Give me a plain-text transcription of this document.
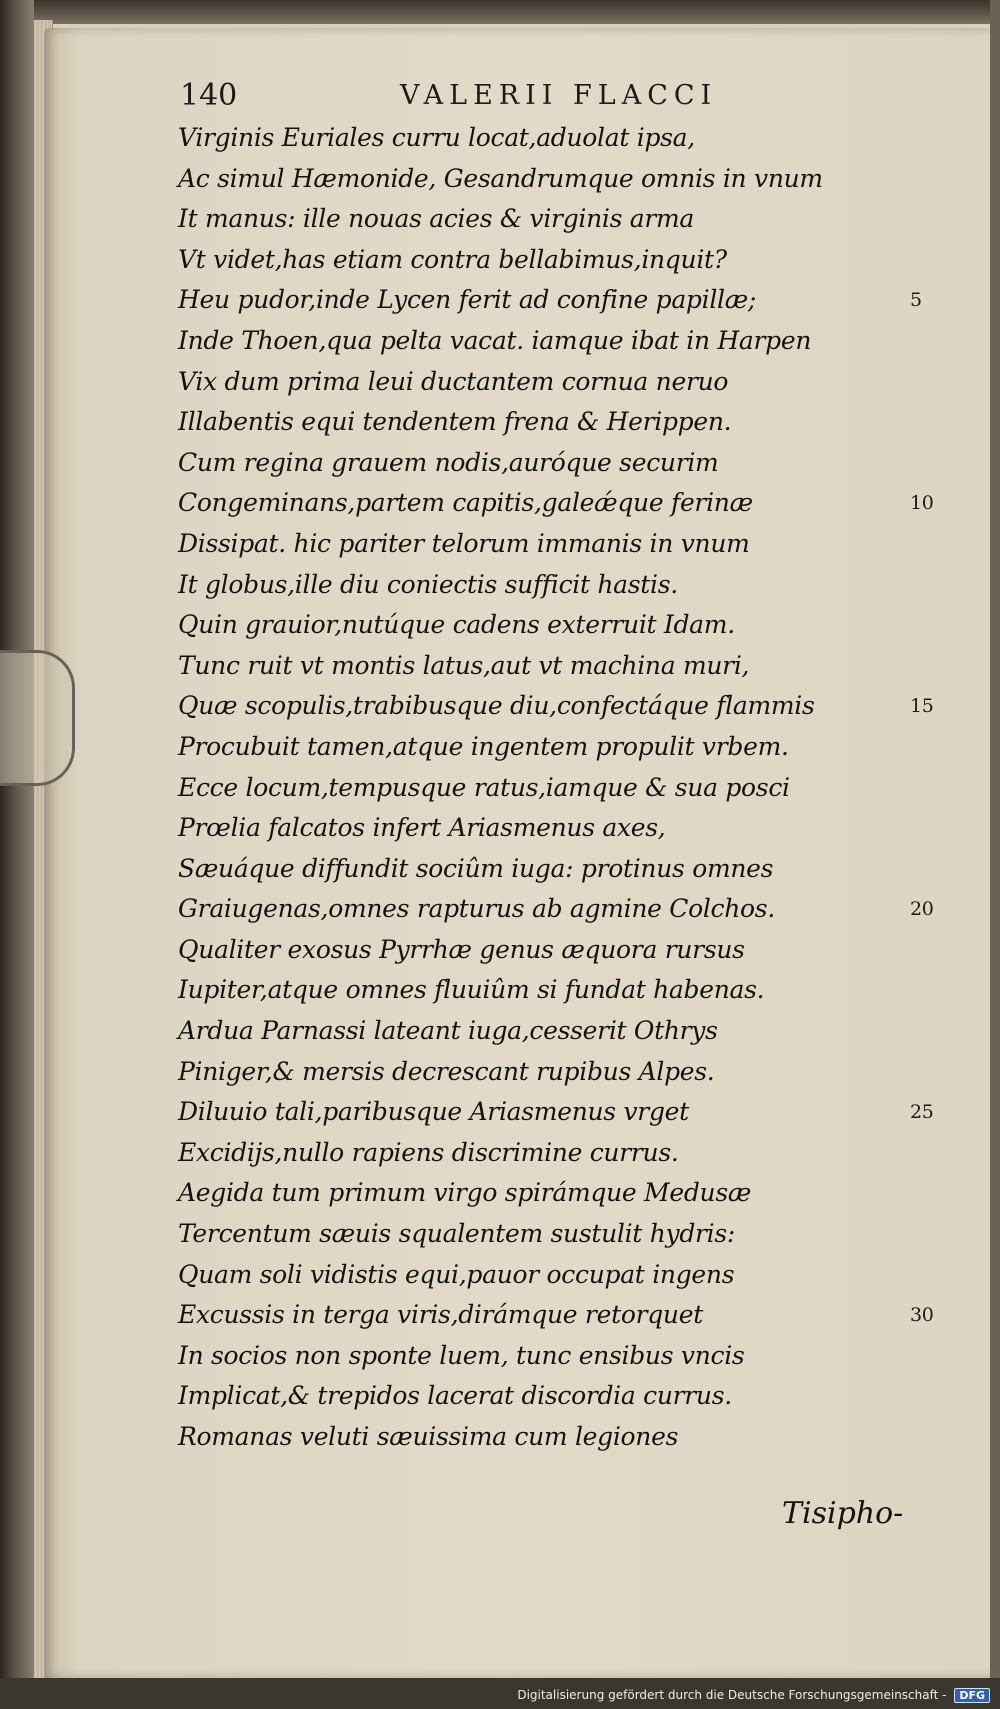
140	VALERII FLACCI
Virginis Euriales curru locat,aduolat ipsa,
Ac simul Hæmonide, Gesandrumque omnis in vnum
It manus: ille nouas acies & virginis arma
Vt videt,has etiam contra bellabimus,inquit?
Heu pudor,inde Lycen ferit ad confine papillæ;	5
Inde Thoen,qua pelta vacat. iamque ibat in Harpen
Vix dum prima leui ductantem cornua neruo
Illabentis equi tendentem frena & Herippen.
Cum regina grauem nodis,auróque securim
Congeminans,partem capitis,galeǽque ferinæ	10
Dissipat. hic pariter telorum immanis in vnum
It globus,ille diu coniectis sufficit hastis.
Quin grauior,nutúque cadens exterruit Idam.
Tunc ruit vt montis latus,aut vt machina muri,
Quæ scopulis,trabibusque diu,confectáque flammis	15
Procubuit tamen,atque ingentem propulit vrbem.
Ecce locum,tempusque ratus,iamque & sua posci
Prœlia falcatos infert Ariasmenus axes,
Sæuáque diffundit sociûm iuga: protinus omnes
Graiugenas,omnes rapturus ab agmine Colchos.	20
Qualiter exosus Pyrrhæ genus æquora rursus
Iupiter,atque omnes fluuiûm si fundat habenas.
Ardua Parnassi lateant iuga,cesserit Othrys
Piniger,& mersis decrescant rupibus Alpes.
Diluuio tali,paribusque Ariasmenus vrget	25
Excidijs,nullo rapiens discrimine currus.
Aegida tum primum virgo spirámque Medusæ
Tercentum sæuis squalentem sustulit hydris:
Quam soli vidistis equi,pauor occupat ingens
Excussis in terga viris,dirámque retorquet	30
In socios non sponte luem, tunc ensibus vncis
Implicat,& trepidos lacerat discordia currus.
Romanas veluti sæuissima cum legiones
Tisipho-
Digitalisierung gefördert durch die Deutsche Forschungsgemeinschaft - DFG
